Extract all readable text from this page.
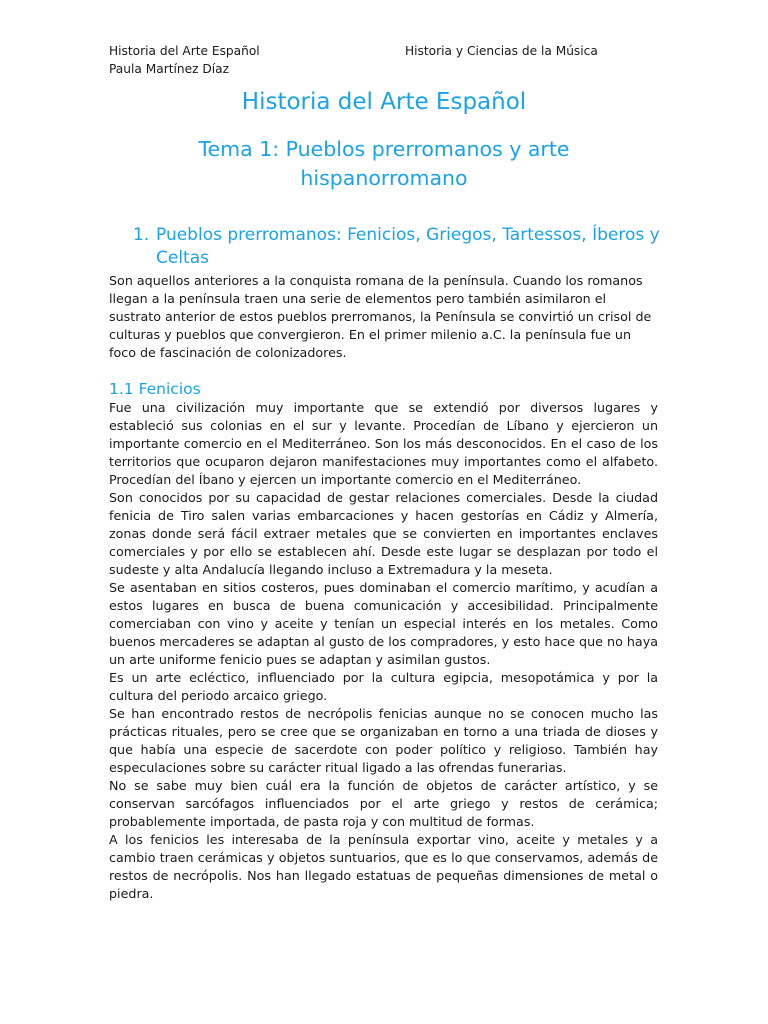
Historia del Arte Español
Paula Martínez Díaz
Historia y Ciencias de la Música
Historia del Arte Español
Tema 1: Pueblos prerromanos y arte hispanorromano
1. Pueblos prerromanos: Fenicios, Griegos, Tartessos, Íberos y Celtas

Son aquellos anteriores a la conquista romana de la península. Cuando los romanos llegan a la península traen una serie de elementos pero también asimilaron el sustrato anterior de estos pueblos prerromanos, la Península se convirtió un crisol de culturas y pueblos que convergieron. En el primer milenio a.C. la península fue un foco de fascinación de colonizadores.

1.1 Fenicios

Fue una civilización muy importante que se extendió por diversos lugares y estableció sus colonias en el sur y levante. Procedían de Líbano y ejercieron un importante comercio en el Mediterráneo. Son los más desconocidos. En el caso de los territorios que ocuparon dejaron manifestaciones muy importantes como el alfabeto. Procedían del Íbano y ejercen un importante comercio en el Mediterráneo.

Son conocidos por su capacidad de gestar relaciones comerciales. Desde la ciudad fenicia de Tiro salen varias embarcaciones y hacen gestorías en Cádiz y Almería, zonas donde será fácil extraer metales que se convierten en importantes enclaves comerciales y por ello se establecen ahí. Desde este lugar se desplazan por todo el sudeste y alta Andalucía llegando incluso a Extremadura y la meseta.

Se asentaban en sitios costeros, pues dominaban el comercio marítimo, y acudían a estos lugares en busca de buena comunicación y accesibilidad. Principalmente comerciaban con vino y aceite y tenían un especial interés en los metales. Como buenos mercaderes se adaptan al gusto de los compradores, y esto hace que no haya un arte uniforme fenicio pues se adaptan y asimilan gustos.

Es un arte ecléctico, influenciado por la cultura egipcia, mesopotámica y por la cultura del periodo arcaico griego.

Se han encontrado restos de necrópolis fenicias aunque no se conocen mucho las prácticas rituales, pero se cree que se organizaban en torno a una triada de dioses y que había una especie de sacerdote con poder político y religioso. También hay especulaciones sobre su carácter ritual ligado a las ofrendas funerarias.

No se sabe muy bien cuál era la función de objetos de carácter artístico, y se conservan sarcófagos influenciados por el arte griego y restos de cerámica; probablemente importada, de pasta roja y con multitud de formas.

A los fenicios les interesaba de la península exportar vino, aceite y metales y a cambio traen cerámicas y objetos suntuarios, que es lo que conservamos, además de restos de necrópolis. Nos han llegado estatuas de pequeñas dimensiones de metal o piedra.
